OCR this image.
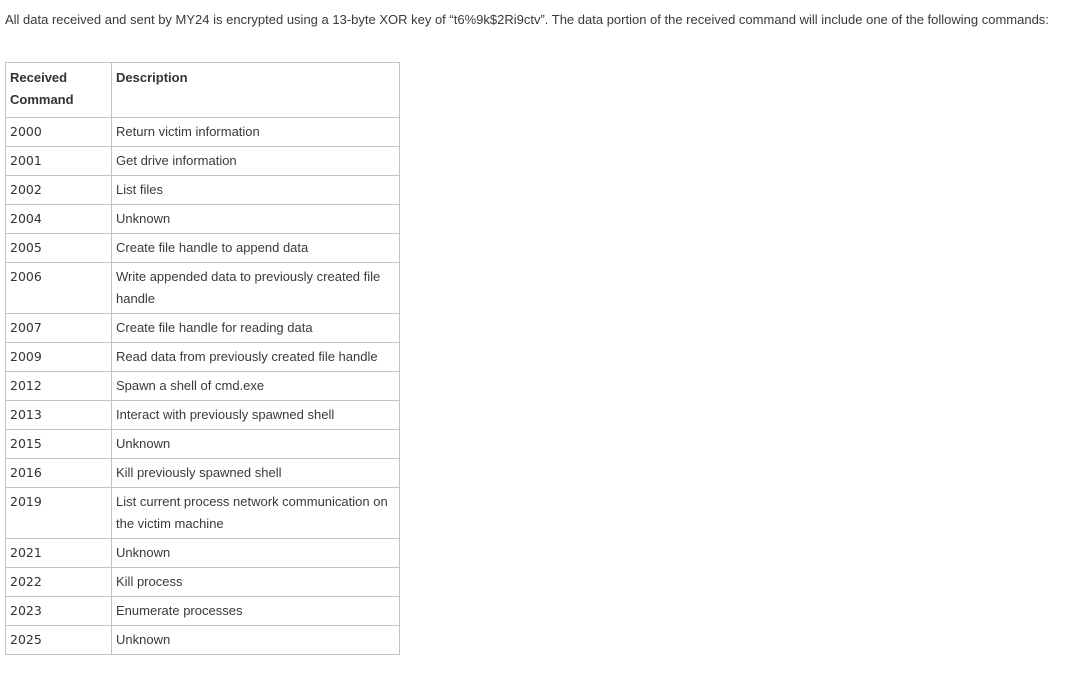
All data received and sent by MY24 is encrypted using a 13-byte XOR key of “t6%9k$2Ri9ctv”. The data portion of the received command will include one of the following commands:

Received Command	Description
2000	Return victim information
2001	Get drive information
2002	List files
2004	Unknown
2005	Create file handle to append data
2006	Write appended data to previously created file handle
2007	Create file handle for reading data
2009	Read data from previously created file handle
2012	Spawn a shell of cmd.exe
2013	Interact with previously spawned shell
2015	Unknown
2016	Kill previously spawned shell
2019	List current process network communication on the victim machine
2021	Unknown
2022	Kill process
2023	Enumerate processes
2025	Unknown
